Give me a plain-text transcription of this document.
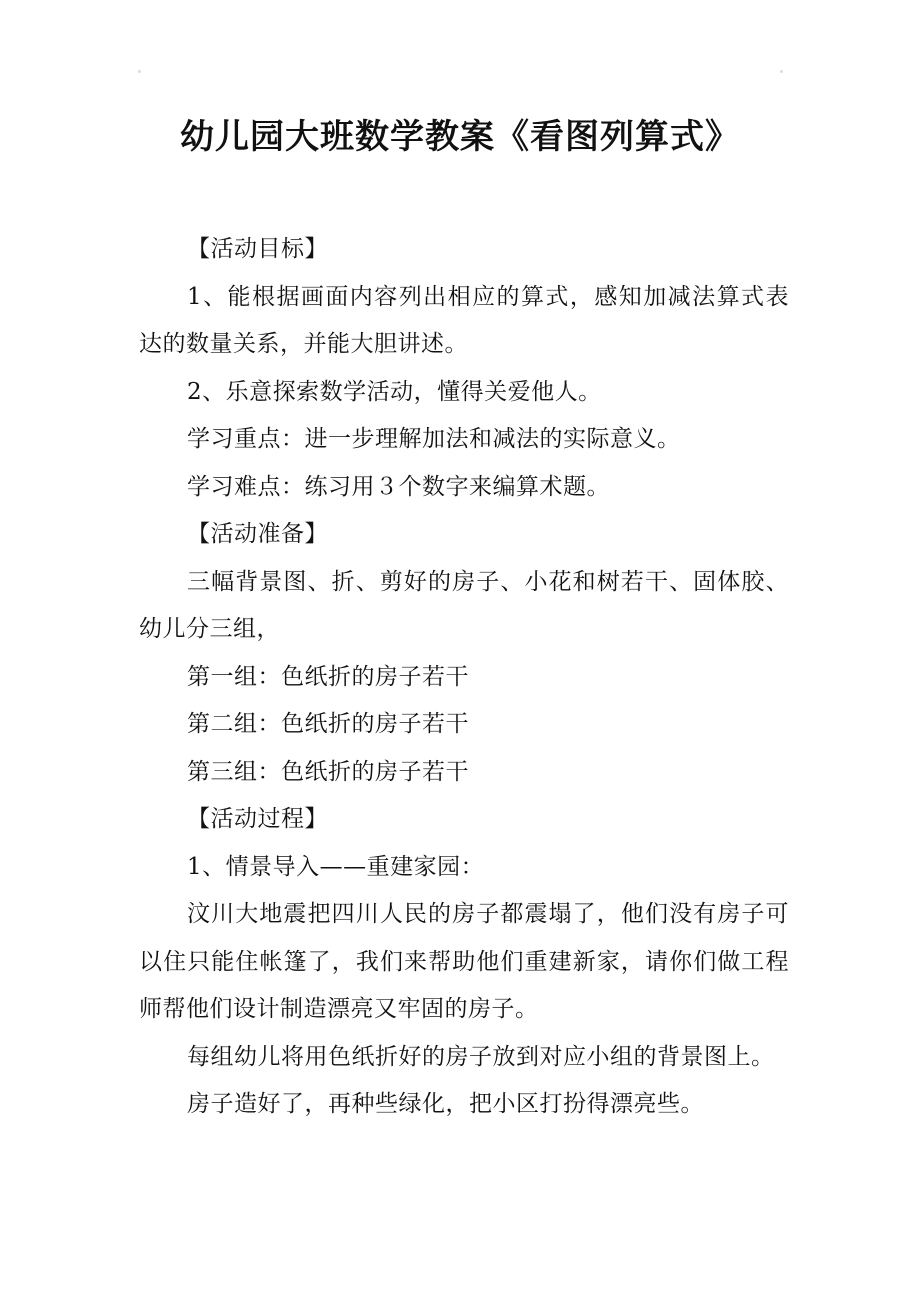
幼儿园大班数学教案《看图列算式》

【活动目标】

1、能根据画面内容列出相应的算式，感知加减法算式表达的数量关系，并能大胆讲述。

2、乐意探索数学活动，懂得关爱他人。

学习重点：进一步理解加法和减法的实际意义。

学习难点：练习用３个数字来编算术题。

【活动准备】

三幅背景图、折、剪好的房子、小花和树若干、固体胶、幼儿分三组，

第一组：色纸折的房子若干

第二组：色纸折的房子若干

第三组：色纸折的房子若干

【活动过程】

1、情景导入——重建家园：

汶川大地震把四川人民的房子都震塌了，他们没有房子可以住只能住帐篷了，我们来帮助他们重建新家，请你们做工程师帮他们设计制造漂亮又牢固的房子。

每组幼儿将用色纸折好的房子放到对应小组的背景图上。

房子造好了，再种些绿化，把小区打扮得漂亮些。
